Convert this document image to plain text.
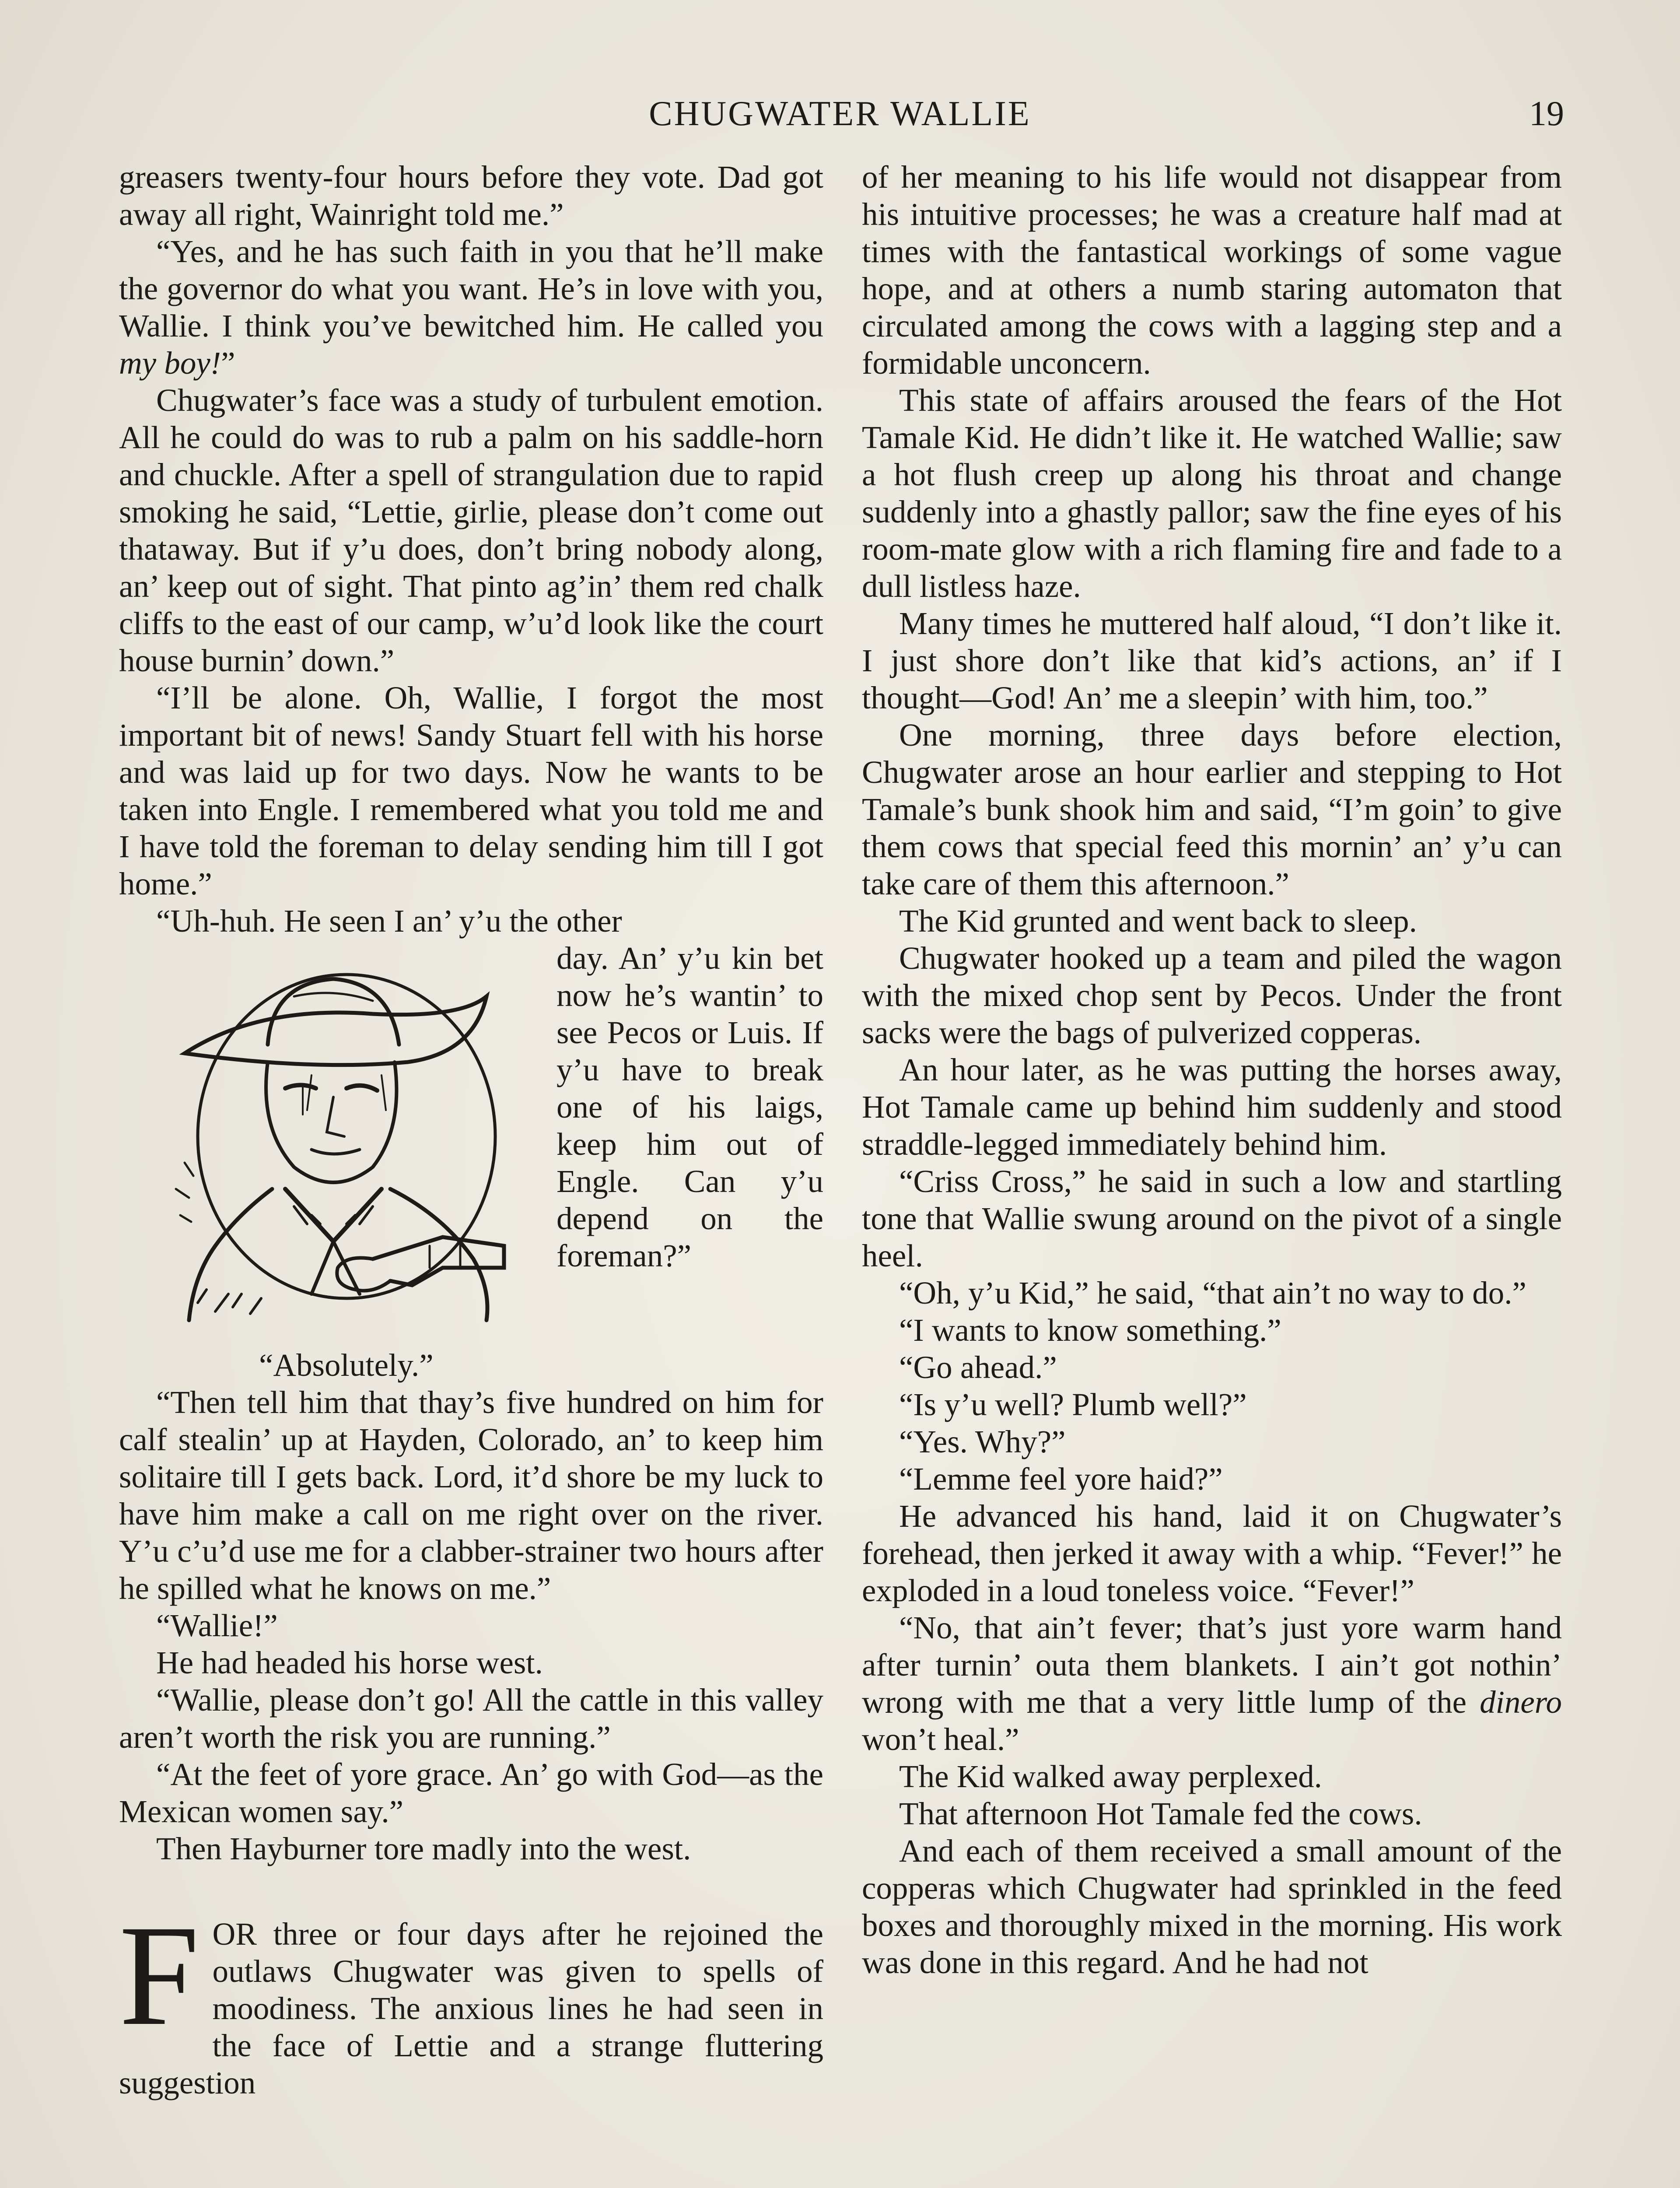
CHUGWATER WALLIE	19

greasers twenty-four hours before they vote. Dad got away all right, Wainright told me.”

“Yes, and he has such faith in you that he’ll make the governor do what you want. He’s in love with you, Wallie. I think you’ve bewitched him. He called you my boy!”

Chugwater’s face was a study of turbulent emotion. All he could do was to rub a palm on his saddle-horn and chuckle. After a spell of strangulation due to rapid smoking he said, “Lettie, girlie, please don’t come out thataway. But if y’u does, don’t bring nobody along, an’ keep out of sight. That pinto ag’in’ them red chalk cliffs to the east of our camp, w’u’d look like the court house burnin’ down.”

“I’ll be alone. Oh, Wallie, I forgot the most important bit of news! Sandy Stuart fell with his horse and was laid up for two days. Now he wants to be taken into Engle. I remembered what you told me and I have told the foreman to delay sending him till I got home.”

“Uh-huh. He seen I an’ y’u the other

day. An’ y’u kin bet now he’s wantin’ to see Pecos or Luis. If y’u have to break one of his laigs, keep him out of Engle. Can y’u depend on the foreman?”

“Absolutely.”

“Then tell him that thay’s five hundred on him for calf stealin’ up at Hayden, Colorado, an’ to keep him solitaire till I gets back. Lord, it’d shore be my luck to have him make a call on me right over on the river. Y’u c’u’d use me for a clabber-strainer two hours after he spilled what he knows on me.”

“Wallie!”

He had headed his horse west.

“Wallie, please don’t go! All the cattle in this valley aren’t worth the risk you are running.”

“At the feet of yore grace. An’ go with God—as the Mexican women say.”

Then Hayburner tore madly into the west.

FOR three or four days after he rejoined the outlaws Chugwater was given to spells of moodiness. The anxious lines he had seen in the face of Lettie and a strange fluttering suggestion

of her meaning to his life would not disappear from his intuitive processes; he was a creature half mad at times with the fantastical workings of some vague hope, and at others a numb staring automaton that circulated among the cows with a lagging step and a formidable unconcern.

This state of affairs aroused the fears of the Hot Tamale Kid. He didn’t like it. He watched Wallie; saw a hot flush creep up along his throat and change suddenly into a ghastly pallor; saw the fine eyes of his room-mate glow with a rich flaming fire and fade to a dull listless haze.

Many times he muttered half aloud, “I don’t like it. I just shore don’t like that kid’s actions, an’ if I thought—God! An’ me a sleepin’ with him, too.”

One morning, three days before election, Chugwater arose an hour earlier and stepping to Hot Tamale’s bunk shook him and said, “I’m goin’ to give them cows that special feed this mornin’ an’ y’u can take care of them this afternoon.”

The Kid grunted and went back to sleep.

Chugwater hooked up a team and piled the wagon with the mixed chop sent by Pecos. Under the front sacks were the bags of pulverized copperas.

An hour later, as he was putting the horses away, Hot Tamale came up behind him suddenly and stood straddle-legged immediately behind him.

“Criss Cross,” he said in such a low and startling tone that Wallie swung around on the pivot of a single heel.

“Oh, y’u Kid,” he said, “that ain’t no way to do.”

“I wants to know something.”

“Go ahead.”

“Is y’u well? Plumb well?”

“Yes. Why?”

“Lemme feel yore haid?”

He advanced his hand, laid it on Chugwater’s forehead, then jerked it away with a whip. “Fever!” he exploded in a loud toneless voice. “Fever!”

“No, that ain’t fever; that’s just yore warm hand after turnin’ outa them blankets. I ain’t got nothin’ wrong with me that a very little lump of the dinero won’t heal.”

The Kid walked away perplexed.

That afternoon Hot Tamale fed the cows.

And each of them received a small amount of the copperas which Chugwater had sprinkled in the feed boxes and thoroughly mixed in the morning. His work was done in this regard. And he had not
